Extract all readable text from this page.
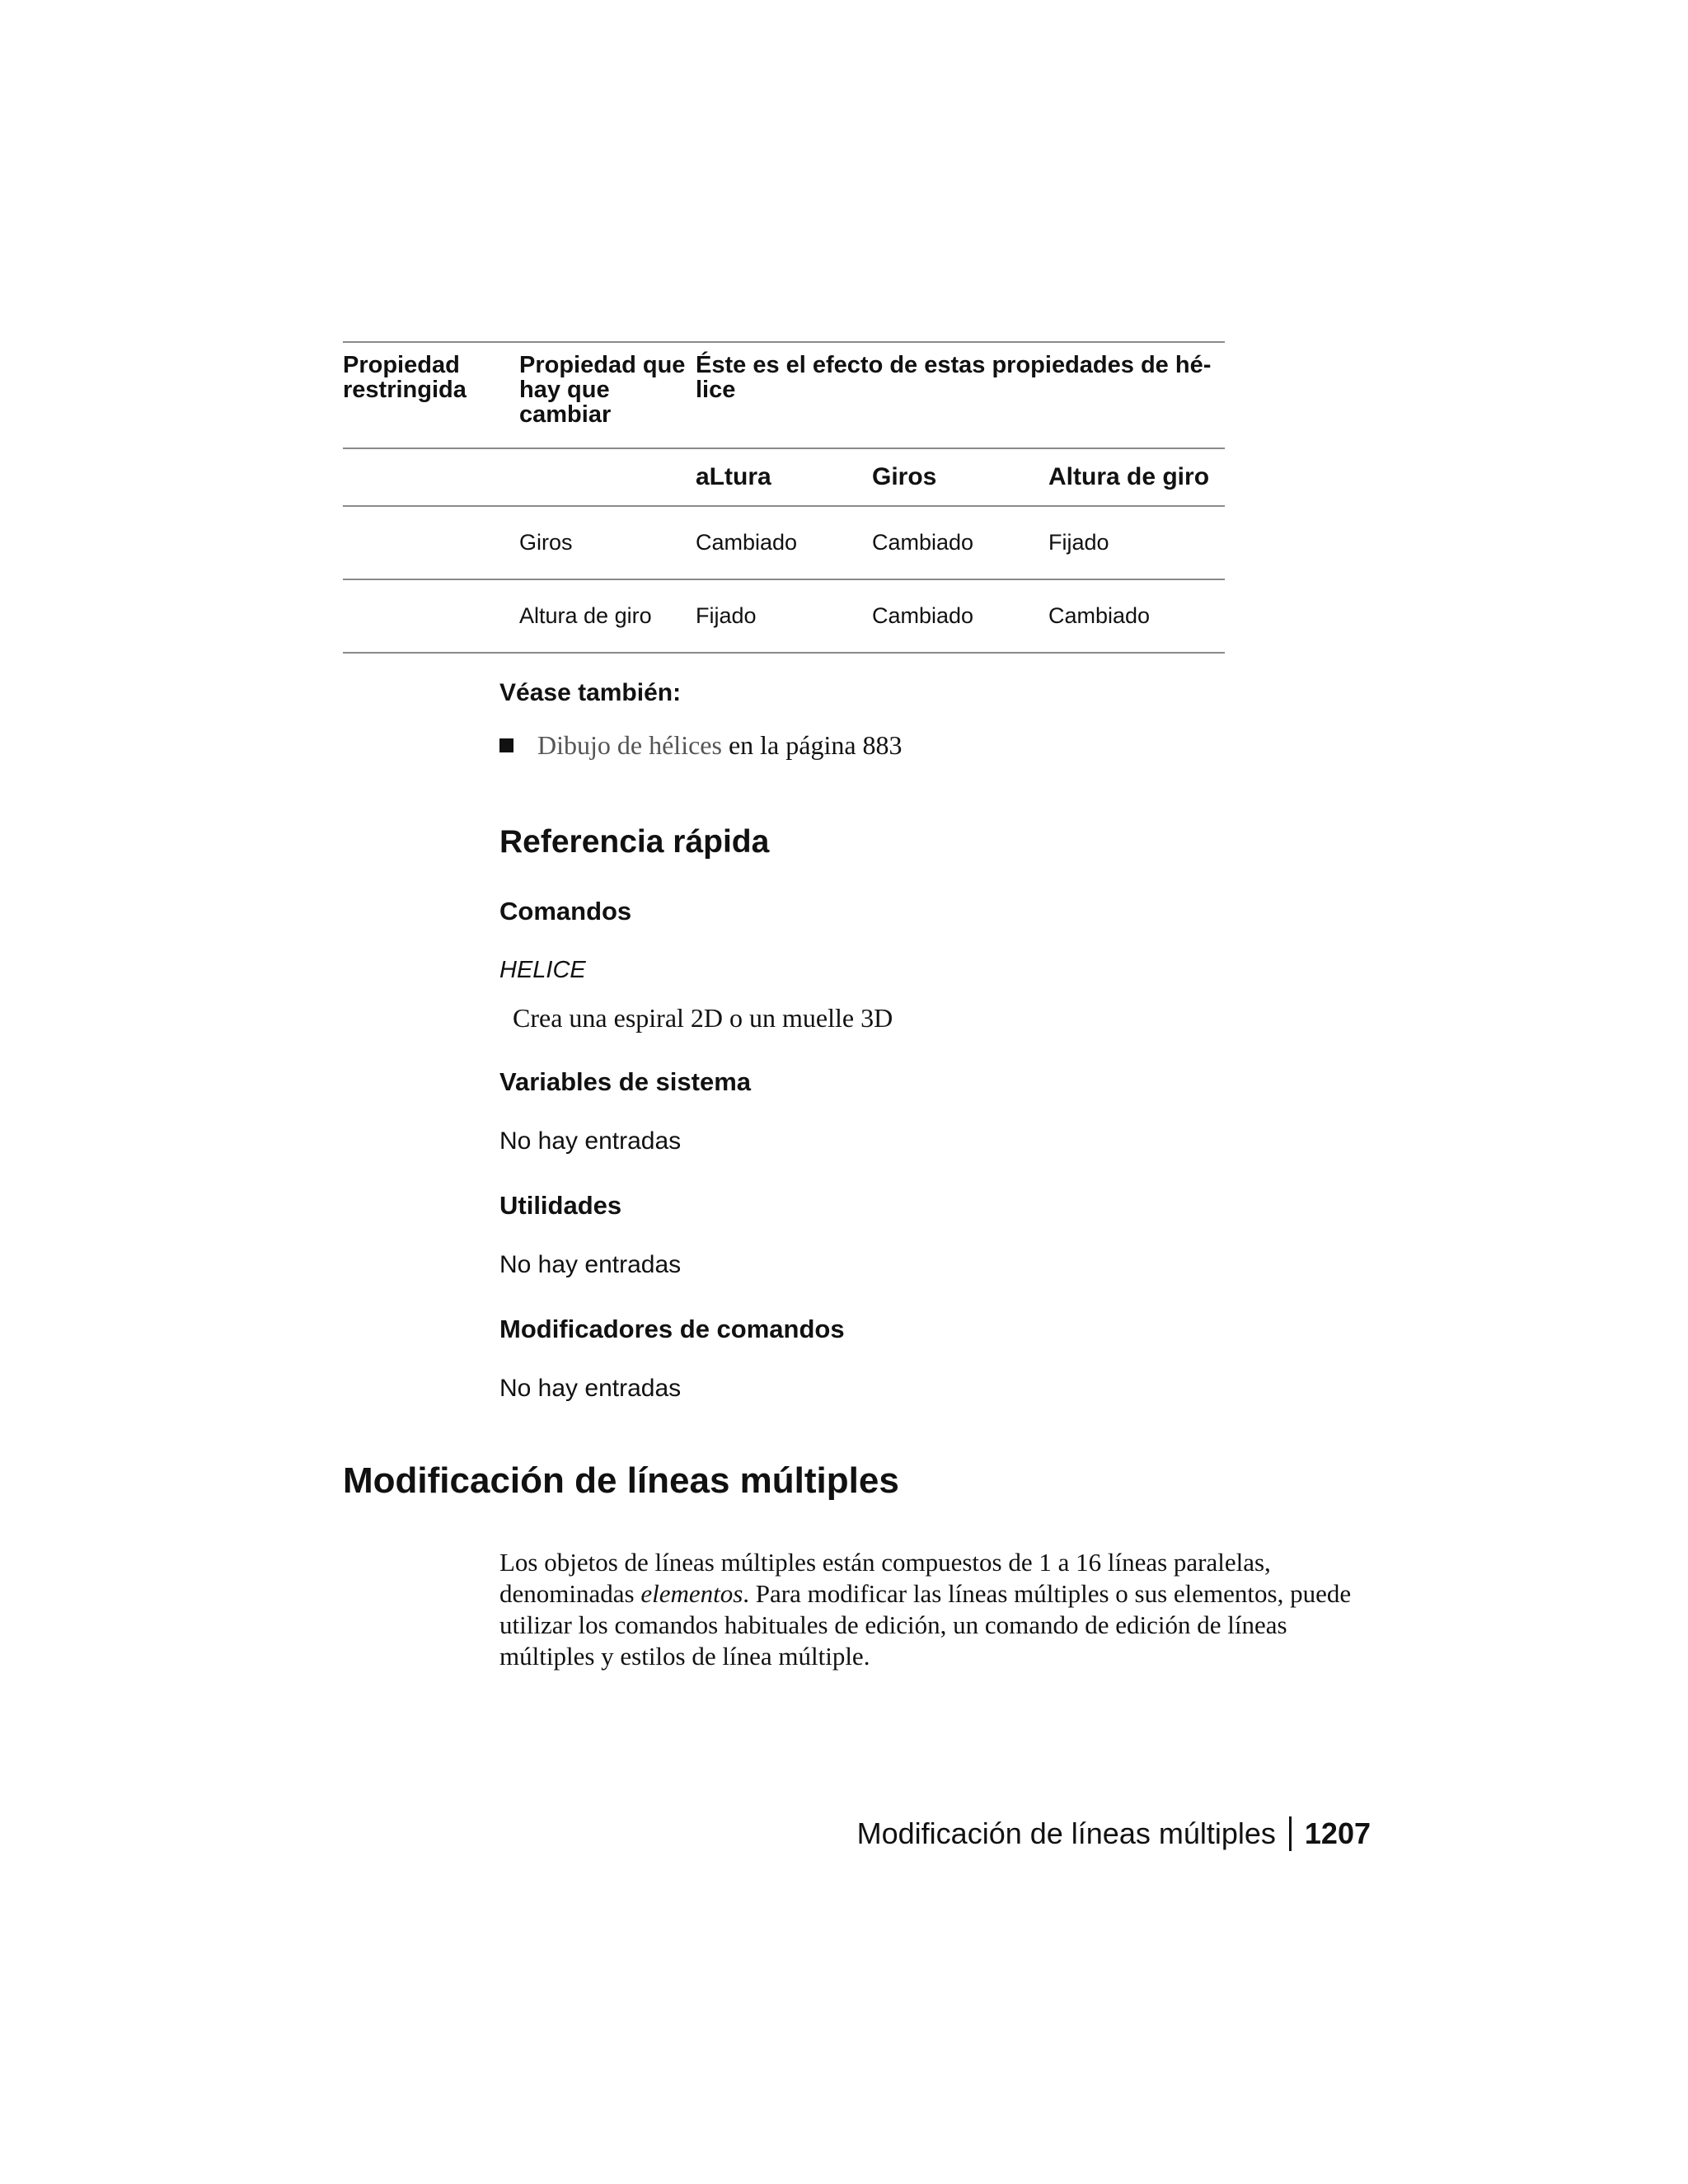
Propiedad restringida	Propiedad que hay que cambiar	Éste es el efecto de estas propiedades de hé- lice		
		aLtura	Giros	Altura de giro
	Giros	Cambiado	Cambiado	Fijado
	Altura de giro	Fijado	Cambiado	Cambiado
Véase también:
Dibujo de hélices en la página 883
Referencia rápida
Comandos
HELICE
Crea una espiral 2D o un muelle 3D
Variables de sistema
No hay entradas
Utilidades
No hay entradas
Modificadores de comandos
No hay entradas
Modificación de líneas múltiples

Los objetos de líneas múltiples están compuestos de 1 a 16 líneas paralelas, denominadas elementos. Para modificar las líneas múltiples o sus elementos, puede utilizar los comandos habituales de edición, un comando de edición de líneas múltiples y estilos de línea múltiple.

Modificación de líneas múltiples 1207
